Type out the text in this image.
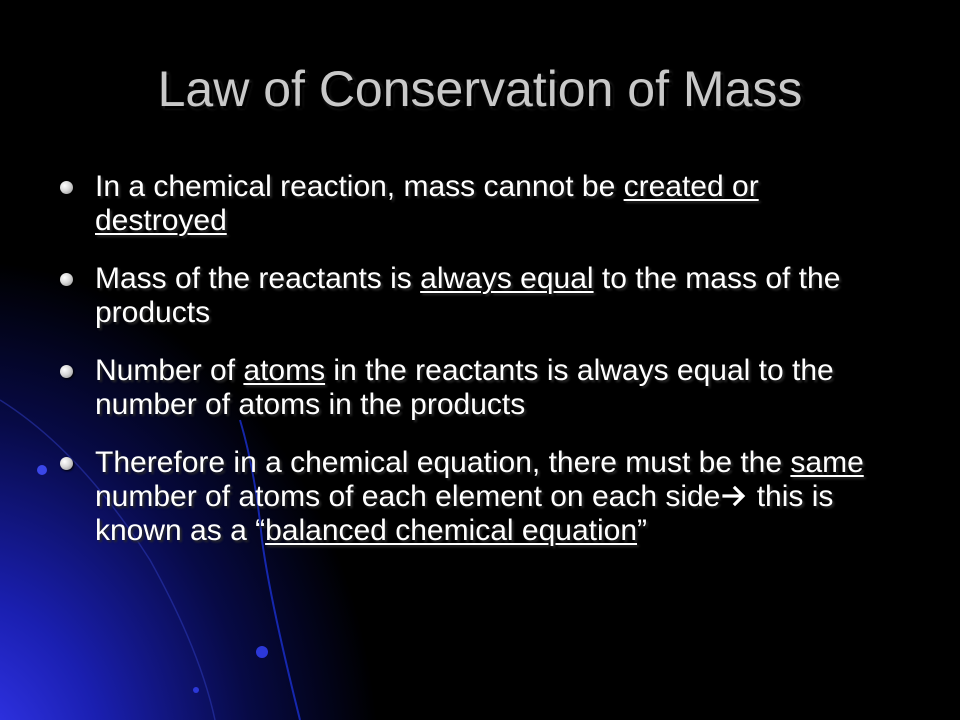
Law of Conservation of Mass
In a chemical reaction, mass cannot be created or destroyed
Mass of the reactants is always equal to the mass of the products
Number of atoms in the reactants is always equal to the number of atoms in the products
Therefore in a chemical equation, there must be the same number of atoms of each element on each side this is known as a “balanced chemical equation”
